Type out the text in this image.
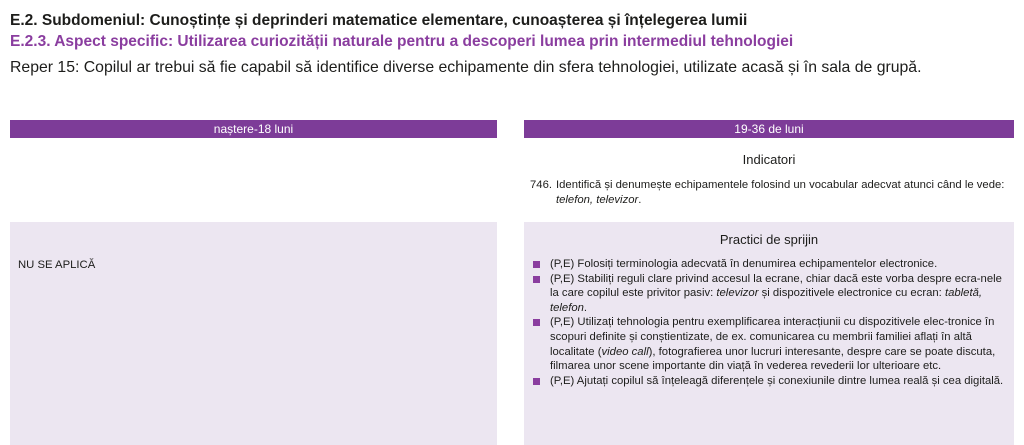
E.2. Subdomeniul: Cunoștințe și deprinderi matematice elementare, cunoașterea și înțelegerea lumii
E.2.3. Aspect specific: Utilizarea curiozității naturale pentru a descoperi lumea prin intermediul tehnologiei
Reper 15: Copilul ar trebui să fie capabil să identifice diverse echipamente din sfera tehnologiei, utilizate acasă și în sala de grupă.
naștere-18 luni	19-36 de luni
Indicatori
746. Identifică și denumește echipamentele folosind un vocabular adecvat atunci când le vede: telefon, televizor.
NU SE APLICĂ
Practici de sprijin
(P,E) Folosiți terminologia adecvată în denumirea echipamentelor electronice.
(P,E) Stabiliți reguli clare privind accesul la ecrane, chiar dacă este vorba despre ecra-nele la care copilul este privitor pasiv: televizor și dispozitivele electronice cu ecran: tabletă, telefon.
(P,E) Utilizați tehnologia pentru exemplificarea interacțiunii cu dispozitivele elec-tronice în scopuri definite și conștientizate, de ex. comunicarea cu membrii familiei aflați în altă localitate (video call), fotografierea unor lucruri interesante, despre care se poate discuta, filmarea unor scene importante din viață în vederea revederii lor ulterioare etc.
(P,E) Ajutați copilul să înțeleagă diferențele și conexiunile dintre lumea reală și cea digitală.
